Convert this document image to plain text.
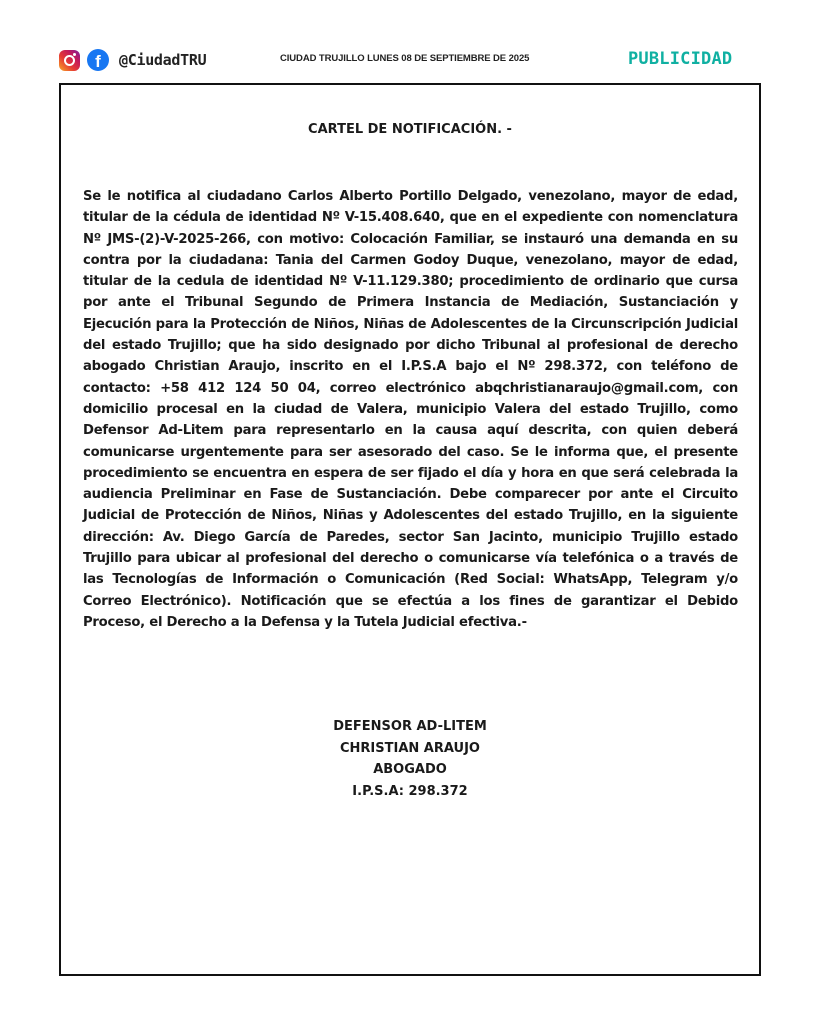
f	@CiudadTRU	CIUDAD TRUJILLO LUNES 08 DE SEPTIEMBRE DE 2025	PUBLICIDAD
CARTEL DE NOTIFICACIÓN. -

Se le notifica al ciudadano Carlos Alberto Portillo Delgado, venezolano, mayor de edad, titular de la cédula de identidad Nº V-15.408.640, que en el expediente con nomenclatura Nº JMS-(2)-V-2025-266, con motivo: Colocación Familiar, se instauró una demanda en su contra por la ciudadana: Tania del Carmen Godoy Duque, venezolano, mayor de edad, titular de la cedula de identidad Nº V-11.129.380; procedimiento de ordinario que cursa por ante el Tribunal Segundo de Primera Instancia de Mediación, Sustanciación y Ejecución para la Protección de Niños, Niñas de Adolescentes de la Circunscripción Judicial del estado Trujillo; que ha sido designado por dicho Tribunal al profesional de derecho abogado Christian Araujo, inscrito en el I.P.S.A bajo el Nº 298.372, con teléfono de contacto: +58 412 124 50 04, correo electrónico abqchristianaraujo@gmail.com, con domicilio procesal en la ciudad de Valera, municipio Valera del estado Trujillo, como Defensor Ad-Litem para representarlo en la causa aquí descrita, con quien deberá comunicarse urgentemente para ser asesorado del caso. Se le informa que, el presente procedimiento se encuentra en espera de ser fijado el día y hora en que será celebrada la audiencia Preliminar en Fase de Sustanciación. Debe comparecer por ante el Circuito Judicial de Protección de Niños, Niñas y Adolescentes del estado Trujillo, en la siguiente dirección: Av. Diego García de Paredes, sector San Jacinto, municipio Trujillo estado Trujillo para ubicar al profesional del derecho o comunicarse vía telefónica o a través de las Tecnologías de Información o Comunicación (Red Social: WhatsApp, Telegram y/o Correo Electrónico). Notificación que se efectúa a los fines de garantizar el Debido Proceso, el Derecho a la Defensa y la Tutela Judicial efectiva.-

DEFENSOR AD-LITEM
CHRISTIAN ARAUJO
ABOGADO
I.P.S.A: 298.372
